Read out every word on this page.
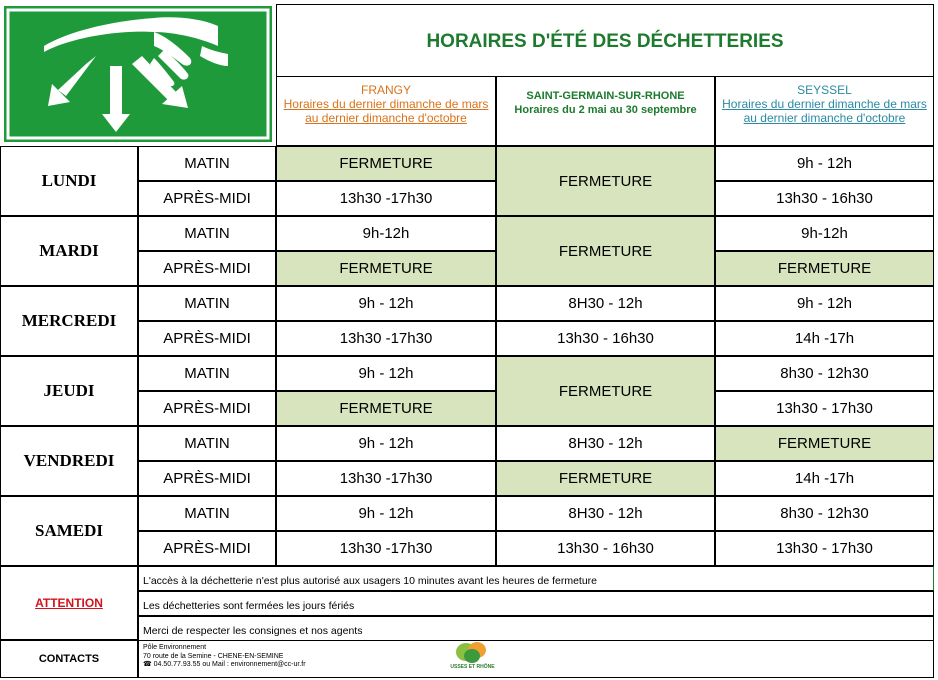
HORAIRES D'ÉTÉ DES DÉCHETTERIES
FRANGY
Horaires du dernier dimanche de mars
au dernier dimanche d'octobre
SAINT-GERMAIN-SUR-RHONE
Horaires du 2 mai au 30 septembre
SEYSSEL
Horaires du dernier dimanche de mars
au dernier dimanche d'octobre
LUNDI
MATIN
APRÈS-MIDI
FERMETURE
13h30 -17h30
FERMETURE
9h - 12h
13h30 - 16h30
MARDI
MATIN
APRÈS-MIDI
9h-12h
FERMETURE
FERMETURE
9h-12h
FERMETURE
MERCREDI
MATIN
APRÈS-MIDI
9h - 12h
13h30 -17h30
8H30 - 12h
13h30 - 16h30
9h - 12h
14h -17h
JEUDI
MATIN
APRÈS-MIDI
9h - 12h
FERMETURE
FERMETURE
8h30 - 12h30
13h30 - 17h30
VENDREDI
MATIN
APRÈS-MIDI
9h - 12h
13h30 -17h30
8H30 - 12h
FERMETURE
FERMETURE
14h -17h
SAMEDI
MATIN
APRÈS-MIDI
9h - 12h
13h30 -17h30
8H30 - 12h
13h30 - 16h30
8h30 - 12h30
13h30 - 17h30
ATTENTION
L'accès à la déchetterie n'est plus autorisé aux usagers 10 minutes avant les heures de fermeture
Les déchetteries sont fermées les jours fériés
Merci de respecter les consignes et nos agents
CONTACTS
Pôle Environnement
70 route de la Semine - CHENE-EN-SEMINE
☎ 04.50.77.93.55 ou Mail : environnement@cc-ur.fr	USSES ET RHÔNE
